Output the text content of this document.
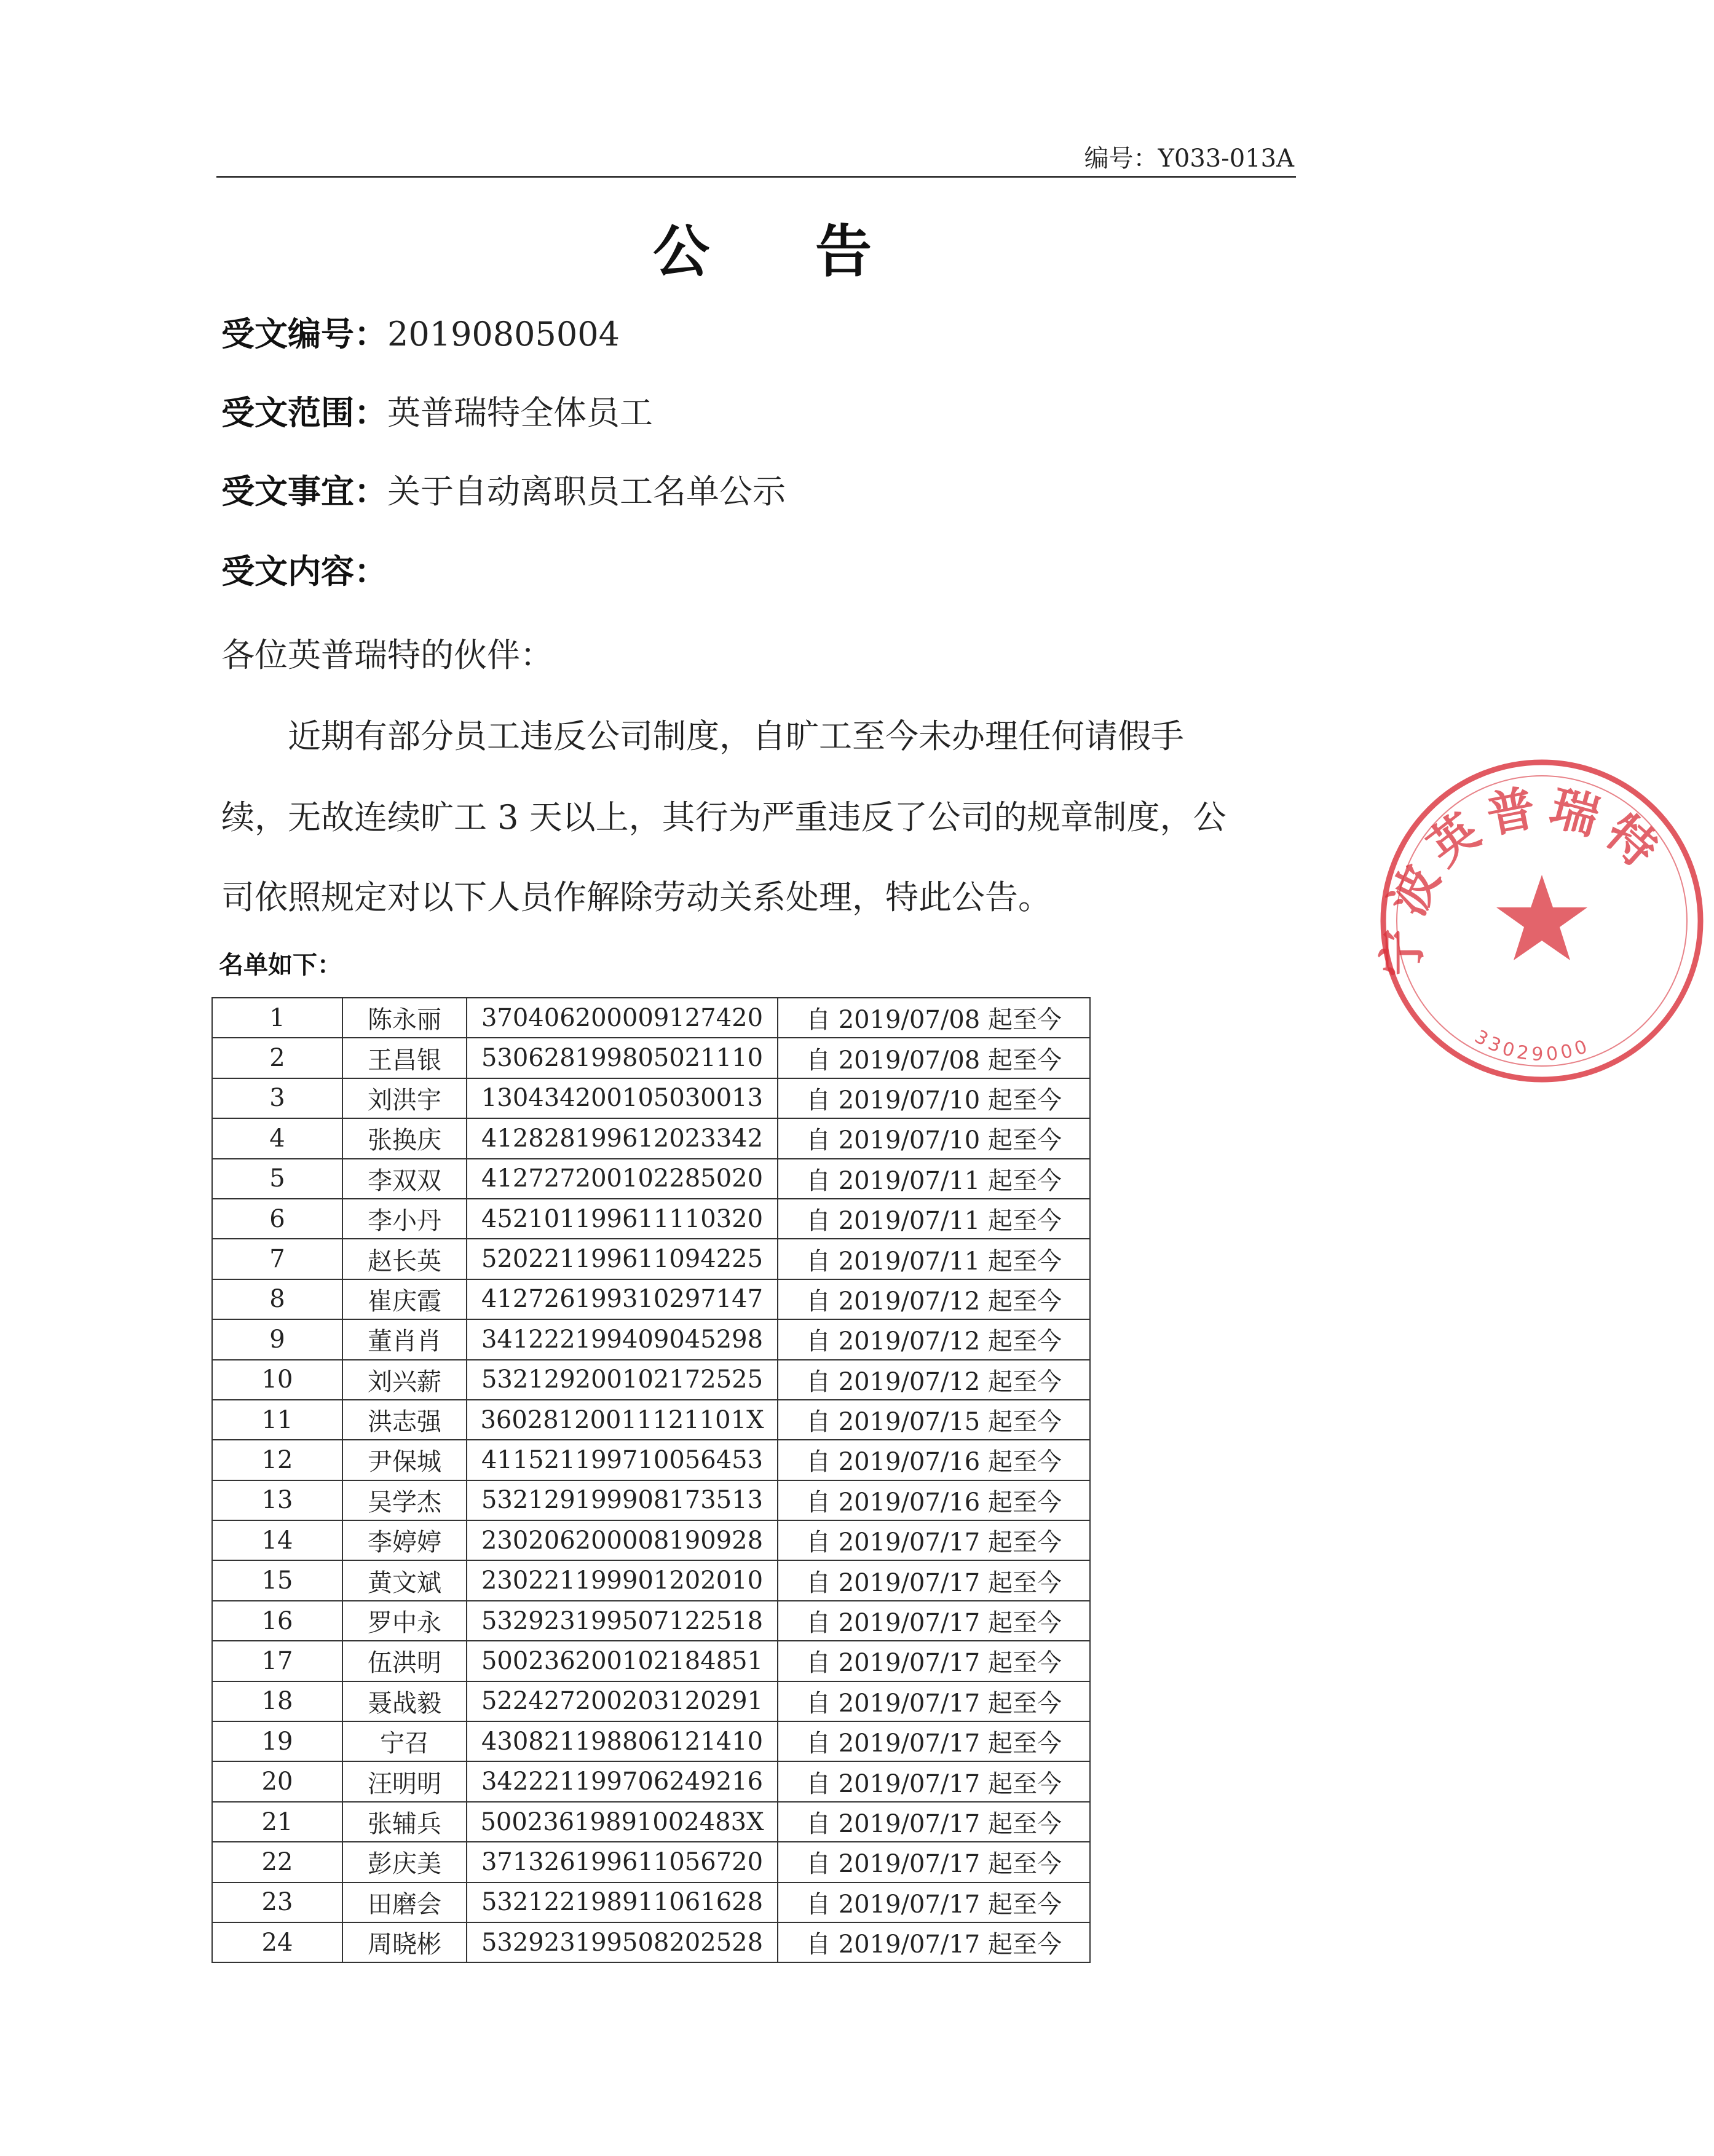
编号：Y033-013A
公 告
受文编号：20190805004
受文范围：英普瑞特全体员工
受文事宜：关于自动离职员工名单公示
受文内容：
各位英普瑞特的伙伴：
　　近期有部分员工违反公司制度，自旷工至今未办理任何请假手
续，无故连续旷工 3 天以上，其行为严重违反了公司的规章制度，公
司依照规定对以下人员作解除劳动关系处理，特此公告。
名单如下：
1	陈永丽	370406200009127420	自 2019/07/08 起至今
2	王昌银	530628199805021110	自 2019/07/08 起至今
3	刘洪宇	130434200105030013	自 2019/07/10 起至今
4	张换庆	412828199612023342	自 2019/07/10 起至今
5	李双双	412727200102285020	自 2019/07/11 起至今
6	李小丹	452101199611110320	自 2019/07/11 起至今
7	赵长英	520221199611094225	自 2019/07/11 起至今
8	崔庆霞	412726199310297147	自 2019/07/12 起至今
9	董肖肖	341222199409045298	自 2019/07/12 起至今
10	刘兴薪	532129200102172525	自 2019/07/12 起至今
11	洪志强	36028120011121101X	自 2019/07/15 起至今
12	尹保城	411521199710056453	自 2019/07/16 起至今
13	吴学杰	532129199908173513	自 2019/07/16 起至今
14	李婷婷	230206200008190928	自 2019/07/17 起至今
15	黄文斌	230221199901202010	自 2019/07/17 起至今
16	罗中永	532923199507122518	自 2019/07/17 起至今
17	伍洪明	500236200102184851	自 2019/07/17 起至今
18	聂战毅	522427200203120291	自 2019/07/17 起至今
19	宁召	430821198806121410	自 2019/07/17 起至今
20	汪明明	342221199706249216	自 2019/07/17 起至今
21	张辅兵	50023619891002483X	自 2019/07/17 起至今
22	彭庆美	371326199611056720	自 2019/07/17 起至今
23	田磨会	532122198911061628	自 2019/07/17 起至今
24	周晓彬	532923199508202528	自 2019/07/17 起至今
宁波英普瑞特
33029000
